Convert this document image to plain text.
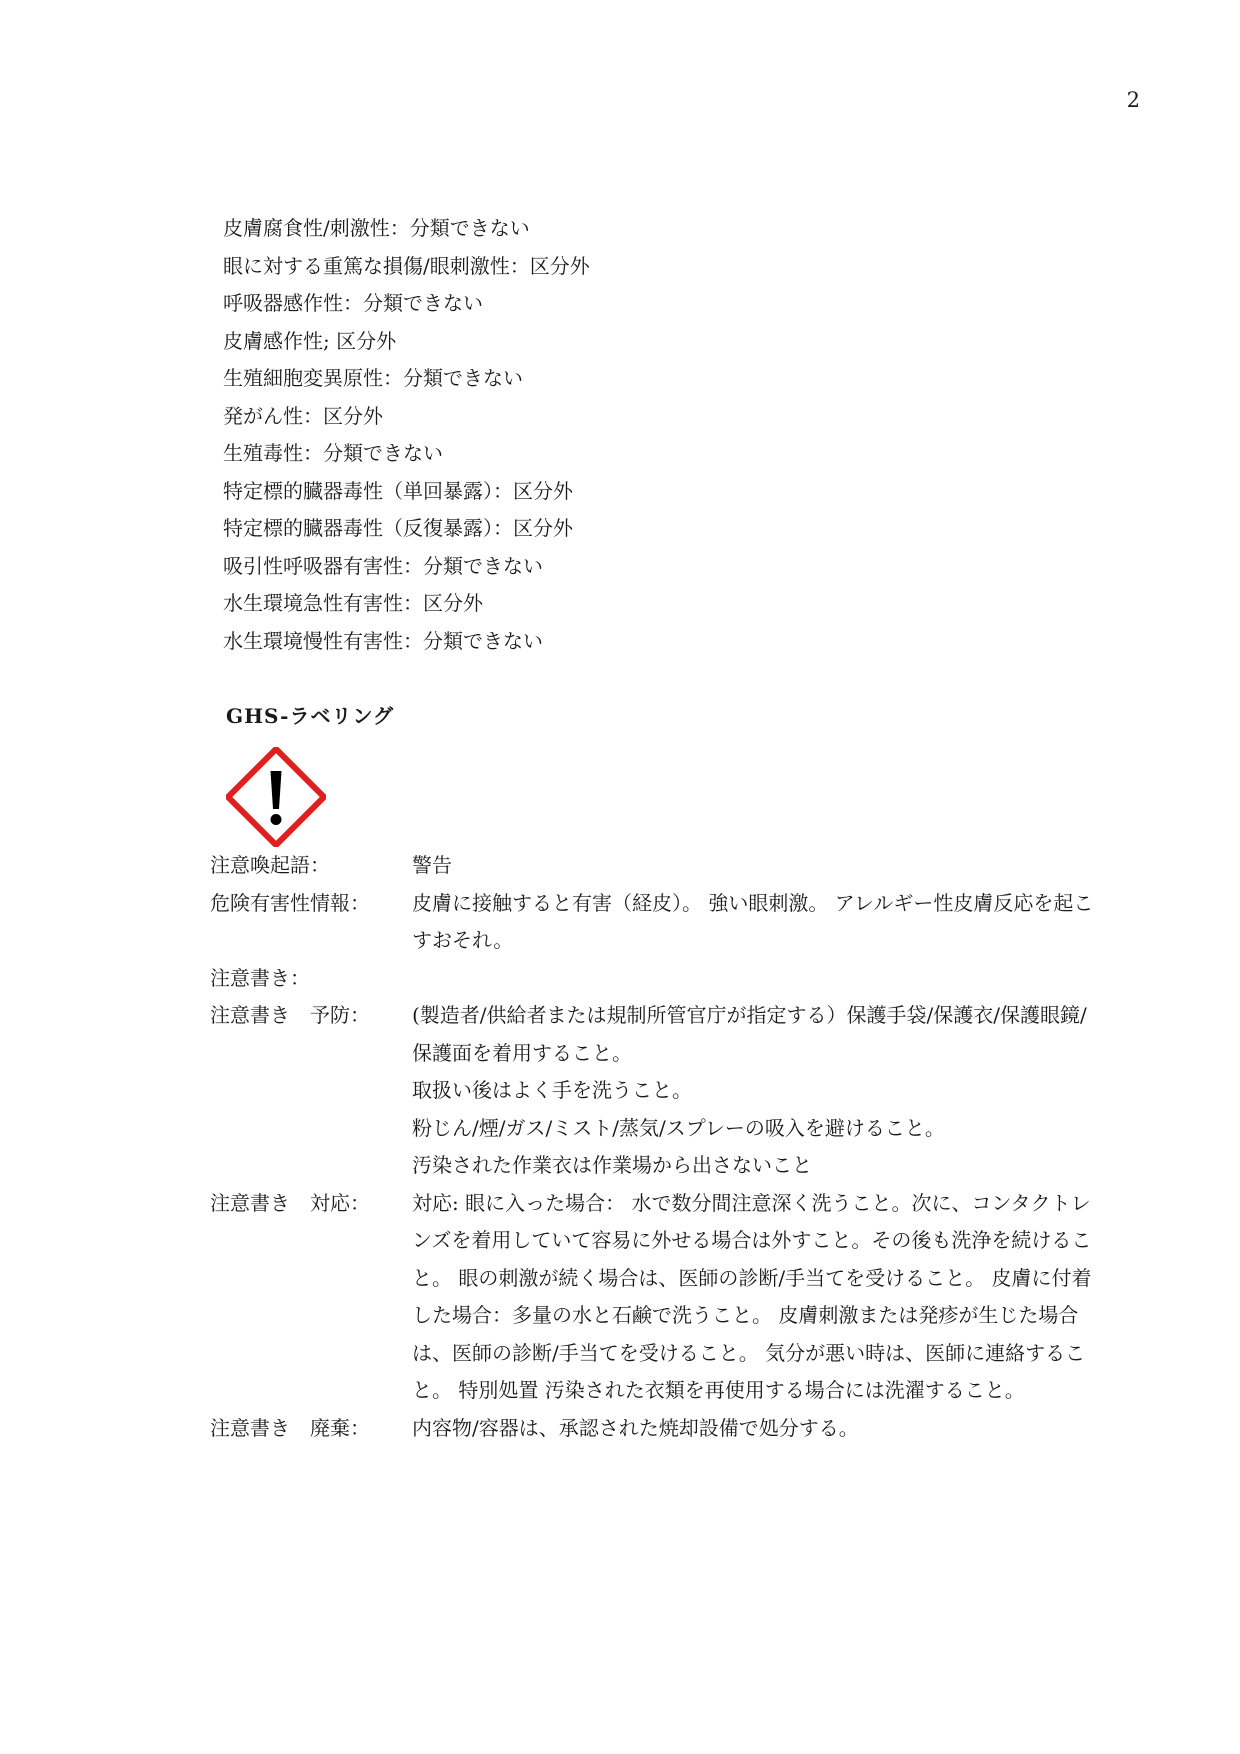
2
皮膚腐食性/刺激性：分類できない
眼に対する重篤な損傷/眼刺激性：区分外
呼吸器感作性：分類できない
皮膚感作性; 区分外
生殖細胞変異原性：分類できない
発がん性：区分外
生殖毒性：分類できない
特定標的臓器毒性（単回暴露）：区分外
特定標的臓器毒性（反復暴露）：区分外
吸引性呼吸器有害性：分類できない
水生環境急性有害性：区分外
水生環境慢性有害性：分類できない
GHS-ラベリング
注意喚起語：	警告

危険有害性情報：	皮膚に接触すると有害（経皮）。 強い眼刺激。 アレルギー性皮膚反応を起こすおそれ。

注意書き：
注意書き　予防：	(製造者/供給者または規制所管官庁が指定する）保護手袋/保護衣/保護眼鏡/保護面を着用すること。

取扱い後はよく手を洗うこと。

粉じん/煙/ガス/ミスト/蒸気/スプレーの吸入を避けること。

汚染された作業衣は作業場から出さないこと

注意書き　対応：	対応: 眼に入った場合： 水で数分間注意深く洗うこと。次に、コンタクトレンズを着用していて容易に外せる場合は外すこと。その後も洗浄を続けること。 眼の刺激が続く場合は、医師の診断/手当てを受けること。 皮膚に付着した場合：多量の水と石鹸で洗うこと。 皮膚刺激または発疹が生じた場合は、医師の診断/手当てを受けること。 気分が悪い時は、医師に連絡すること。 特別処置 汚染された衣類を再使用する場合には洗濯すること。

注意書き　廃棄：	内容物/容器は、承認された焼却設備で処分する。
